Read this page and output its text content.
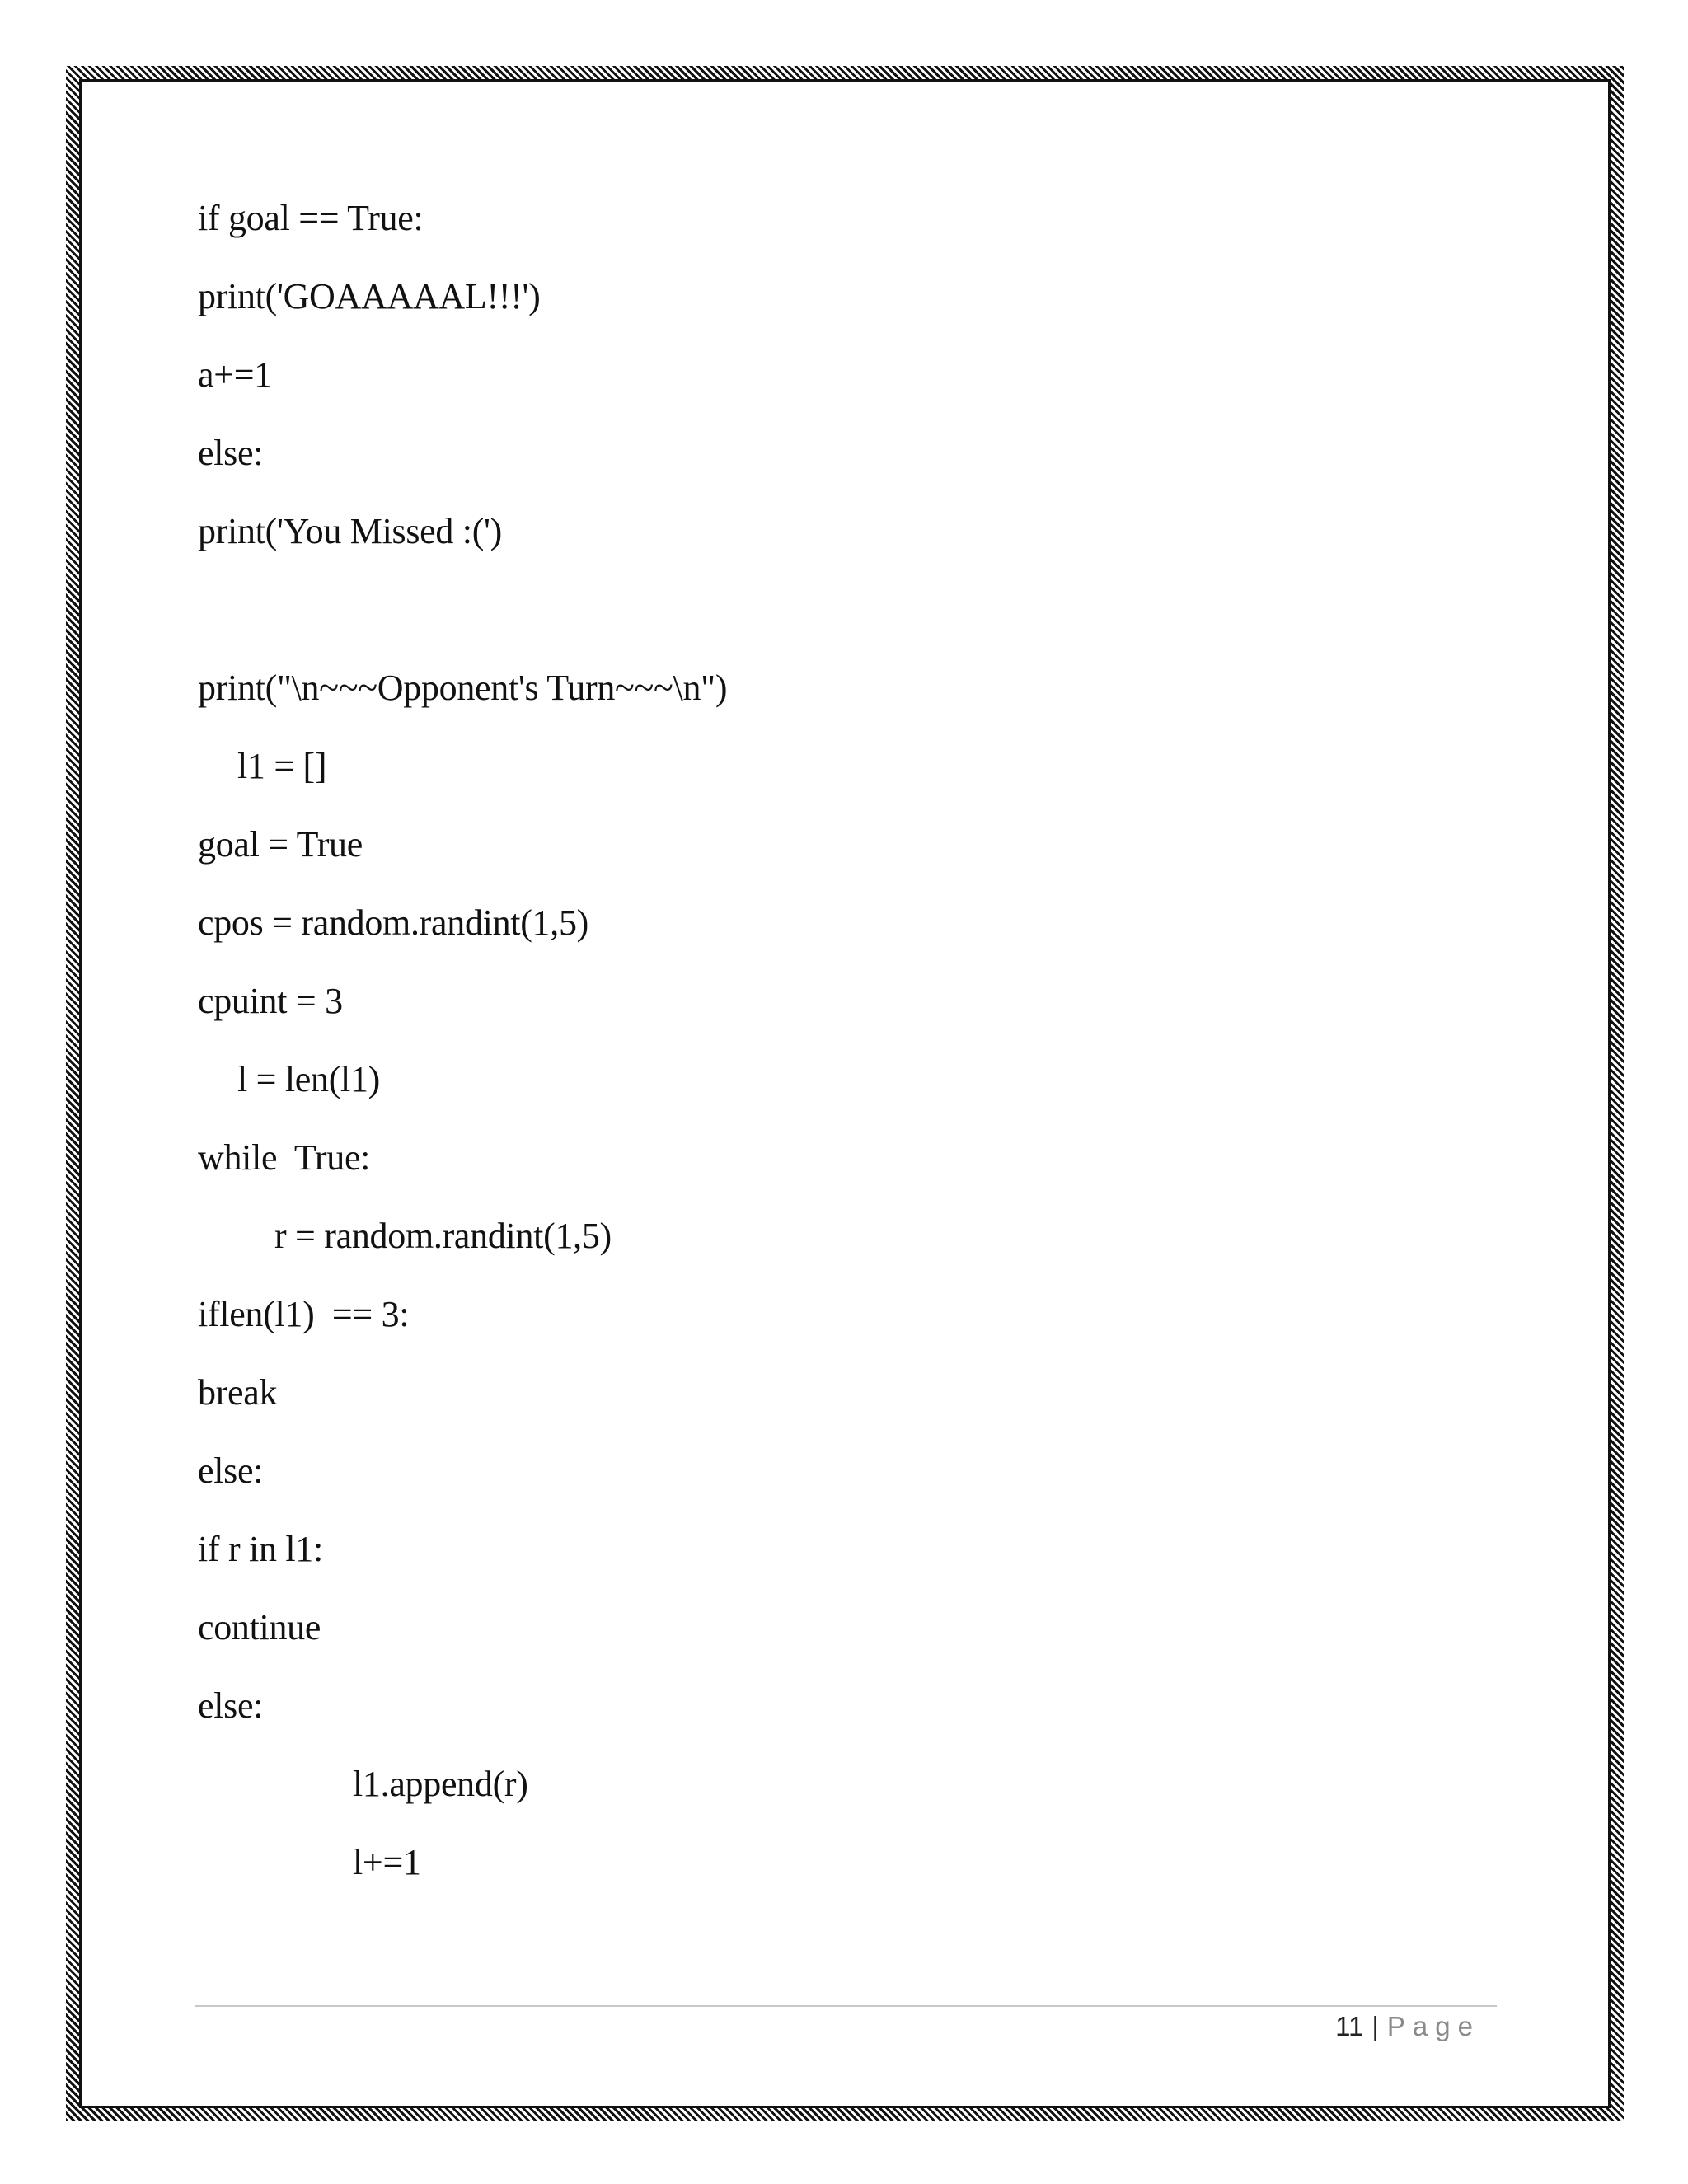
if goal == True:
print('GOAAAAAL!!!')
a+=1
else:
print('You Missed :(')
print("\n~~~Opponent's Turn~~~\n")
l1 = []
goal = True
cpos = random.randint(1,5)
cpuint = 3
l = len(l1)
while  True:
r = random.randint(1,5)
iflen(l1)  == 3:
break
else:
if r in l1:
continue
else:
l1.append(r)
l+=1
11 | Page
